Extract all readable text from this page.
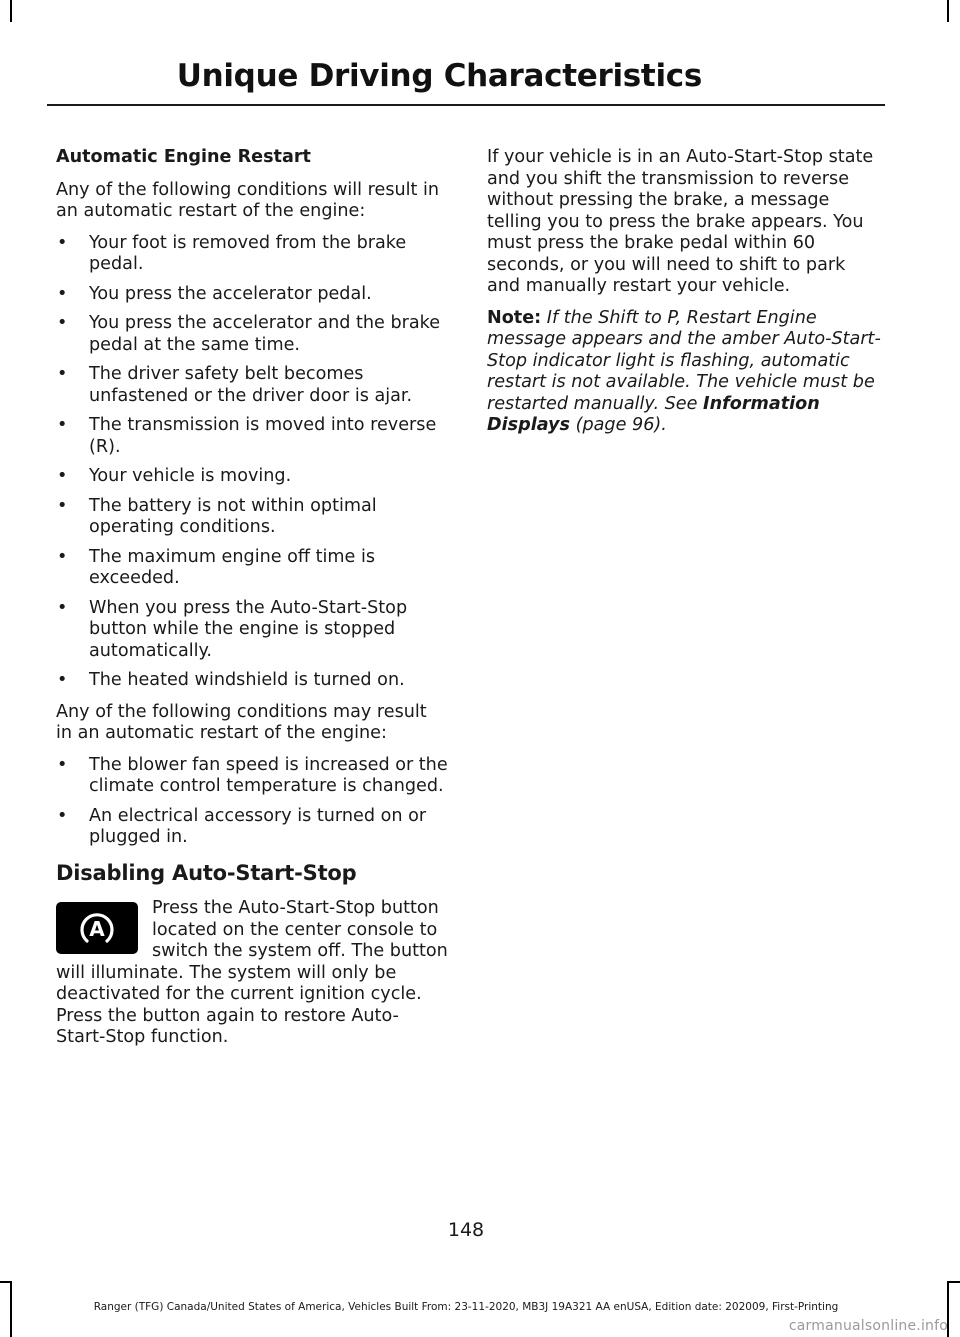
Unique Driving Characteristics
Automatic Engine Restart

Any of the following conditions will result in an automatic restart of the engine:

• Your foot is removed from the brake pedal.
• You press the accelerator pedal.
• You press the accelerator and the brake pedal at the same time.
• The driver safety belt becomes unfastened or the driver door is ajar.
• The transmission is moved into reverse (R).
• Your vehicle is moving.
• The battery is not within optimal operating conditions.
• The maximum engine off time is exceeded.
• When you press the Auto-Start-Stop button while the engine is stopped automatically.
• The heated windshield is turned on.

Any of the following conditions may result in an automatic restart of the engine:

• The blower fan speed is increased or the climate control temperature is changed.
• An electrical accessory is turned on or plugged in.
Disabling Auto-Start-Stop
A

Press the Auto-Start-Stop button located on the center console to switch the system off. The button will illuminate. The system will only be deactivated for the current ignition cycle. Press the button again to restore Auto-Start-Stop function.

If your vehicle is in an Auto-Start-Stop state and you shift the transmission to reverse without pressing the brake, a message telling you to press the brake appears. You must press the brake pedal within 60 seconds, or you will need to shift to park and manually restart your vehicle.

Note: If the Shift to P, Restart Engine message appears and the amber Auto-Start-Stop indicator light is flashing, automatic restart is not available. The vehicle must be restarted manually. See Information Displays (page 96).

148
Ranger (TFG) Canada/United States of America, Vehicles Built From: 23-11-2020, MB3J 19A321 AA enUSA, Edition date: 202009, First-Printing
carmanualsonline.info
